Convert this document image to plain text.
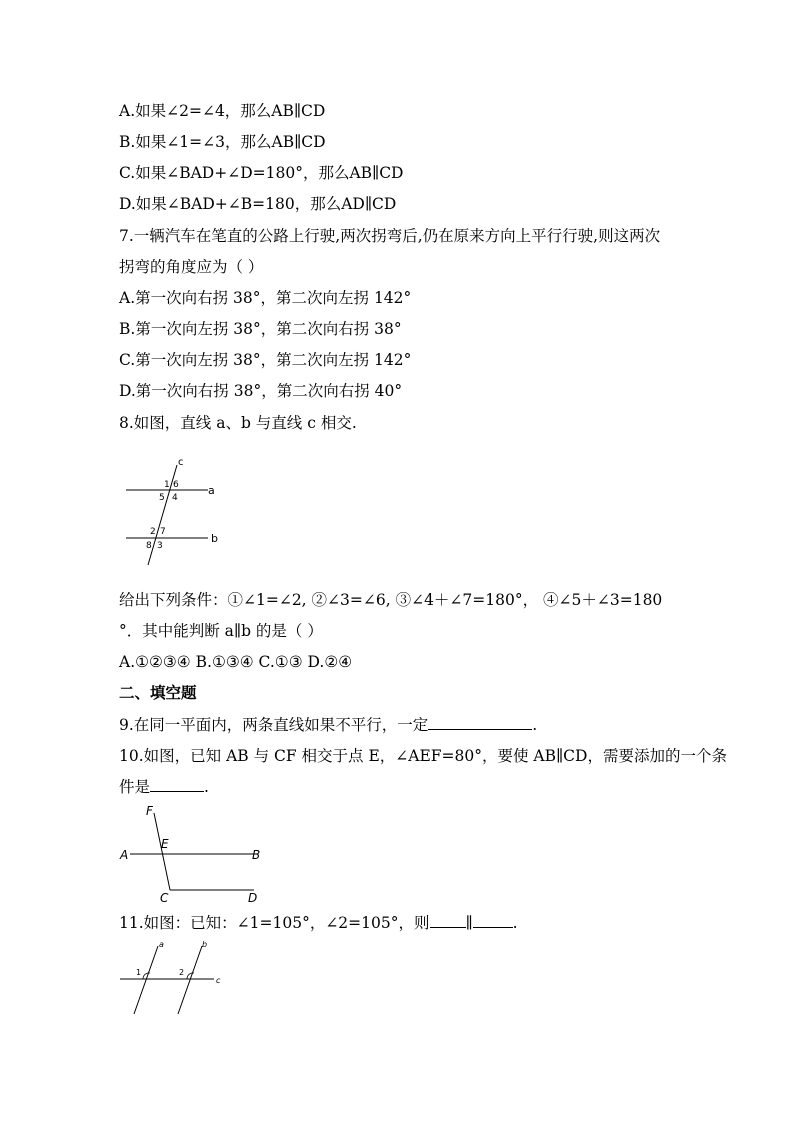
A.如果∠2=∠4，那么AB∥CD
B.如果∠1=∠3，那么AB∥CD
C.如果∠BAD+∠D=180°，那么AB∥CD
D.如果∠BAD+∠B=180，那么AD∥CD
7.一辆汽车在笔直的公路上行驶,两次拐弯后,仍在原来方向上平行行驶,则这两次
拐弯的角度应为（ ）
A.第一次向右拐 38°，第二次向左拐 142°
B.第一次向左拐 38°，第二次向右拐 38°
C.第一次向左拐 38°，第二次向左拐 142°
D.第一次向右拐 38°，第二次向右拐 40°
8.如图，直线 a、b 与直线 c 相交.
c
a
b
1 6
5 4
2 7
8 3
给出下列条件：①∠1=∠2, ②∠3=∠6, ③∠4＋∠7=180°， ④∠5＋∠3=180
°．其中能判断 a∥b 的是（ ）
A.①②③④ B.①③④ C.①③ D.②④
二、填空题
9.在同一平面内，两条直线如果不平行，一定	.
10.如图，已知 AB 与 CF 相交于点 E，∠AEF=80°，要使 AB∥CD，需要添加的一个条
件是	.
F
E
A	B
C	D
11.如图：已知：∠1=105°，∠2=105°，则 ∥	.
a	b
c
1	2
